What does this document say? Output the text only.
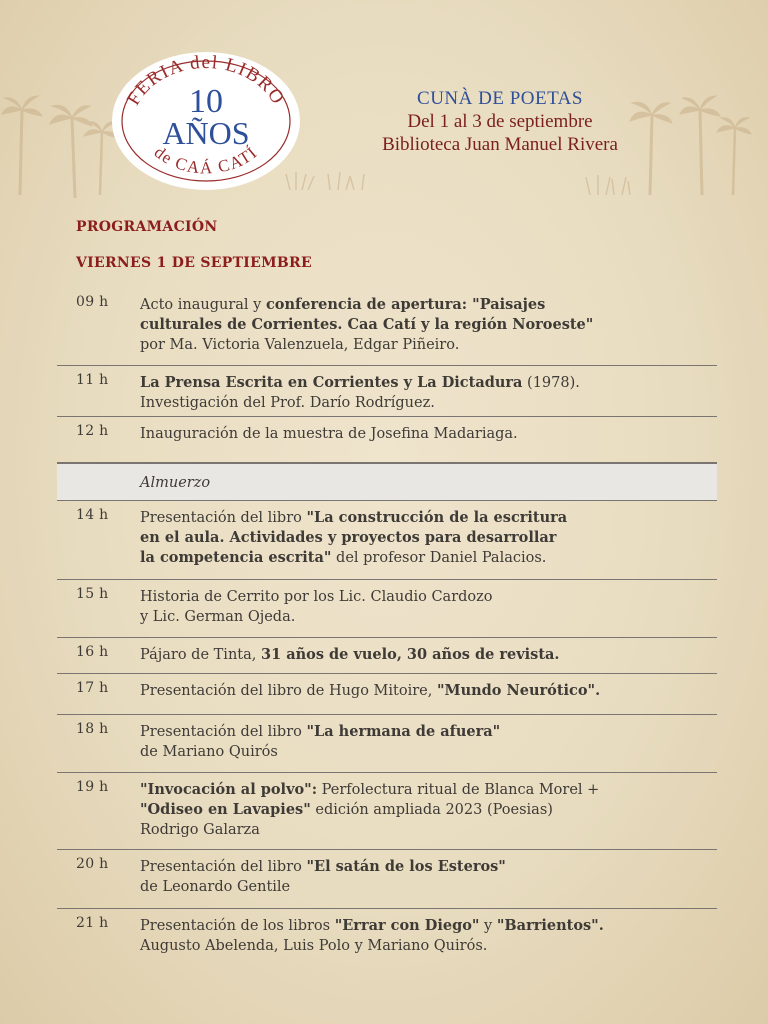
FERIA del LIBRO
10
AÑOS
de CAÁ CATÍ
CUNÀ DE POETAS
Del 1 al 3 de septiembre
Biblioteca Juan Manuel Rivera
PROGRAMACIÓN
VIERNES 1 DE SEPTIEMBRE
09 h Acto inaugural y conferencia de apertura: "Paisajes
culturales de Corrientes. Caa Catí y la región Noroeste"
por Ma. Victoria Valenzuela, Edgar Piñeiro.
11 h La Prensa Escrita en Corrientes y La Dictadura (1978).
Investigación del Prof. Darío Rodríguez.
12 h Inauguración de la muestra de Josefina Madariaga.
Almuerzo
14 h Presentación del libro "La construcción de la escritura
en el aula. Actividades y proyectos para desarrollar
la competencia escrita" del profesor Daniel Palacios.
15 h Historia de Cerrito por los Lic. Claudio Cardozo
y Lic. German Ojeda.
16 h Pájaro de Tinta, 31 años de vuelo, 30 años de revista.
17 h Presentación del libro de Hugo Mitoire, "Mundo Neurótico".
18 h Presentación del libro "La hermana de afuera"
de Mariano Quirós
19 h "Invocación al polvo": Perfolectura ritual de Blanca Morel +
"Odiseo en Lavapies" edición ampliada 2023 (Poesias)
Rodrigo Galarza
20 h Presentación del libro "El satán de los Esteros"
de Leonardo Gentile
21 h Presentación de los libros "Errar con Diego" y "Barrientos".
Augusto Abelenda, Luis Polo y Mariano Quirós.
